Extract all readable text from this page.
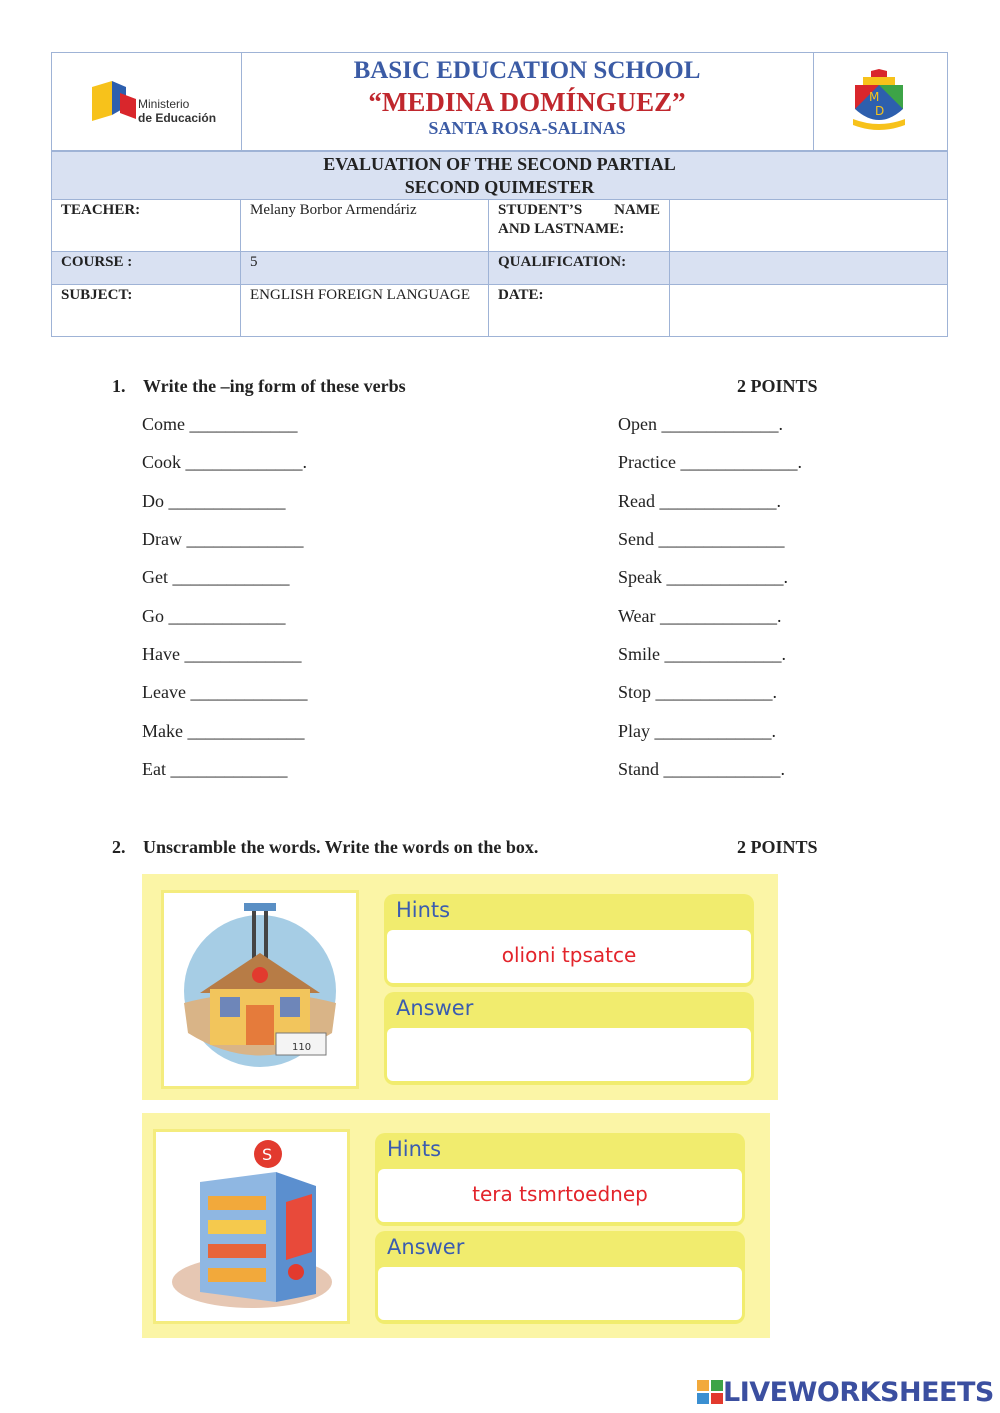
Ministerio
de Educación
BASIC EDUCATION SCHOOL
“MEDINA DOMÍNGUEZ”
SANTA ROSA-SALINAS
M
D
EVALUATION OF THE SECOND PARTIAL
SECOND QUIMESTER
TEACHER:	Melany Borbor Armendáriz	STUDENT’S NAME AND LASTNAME:
COURSE :	5	QUALIFICATION:
SUBJECT:	ENGLISH FOREIGN LANGUAGE	DATE:
1. Write the –ing form of these verbs	2 POINTS
Come ____________
Cook _____________.
Do _____________
Draw _____________
Get _____________
Go _____________
Have _____________
Leave _____________
Make _____________
Eat _____________
Open _____________.
Practice _____________.
Read _____________.
Send ______________
Speak _____________.
Wear _____________.
Smile _____________.
Stop _____________.
Play _____________.
Stand _____________.
2. Unscramble the words. Write the words on the box.	2 POINTS
110
Hints
olioni tpsatce
Answer
S	Hints
tera tsmrtoednep
Answer
LIVEWORKSHEETS
